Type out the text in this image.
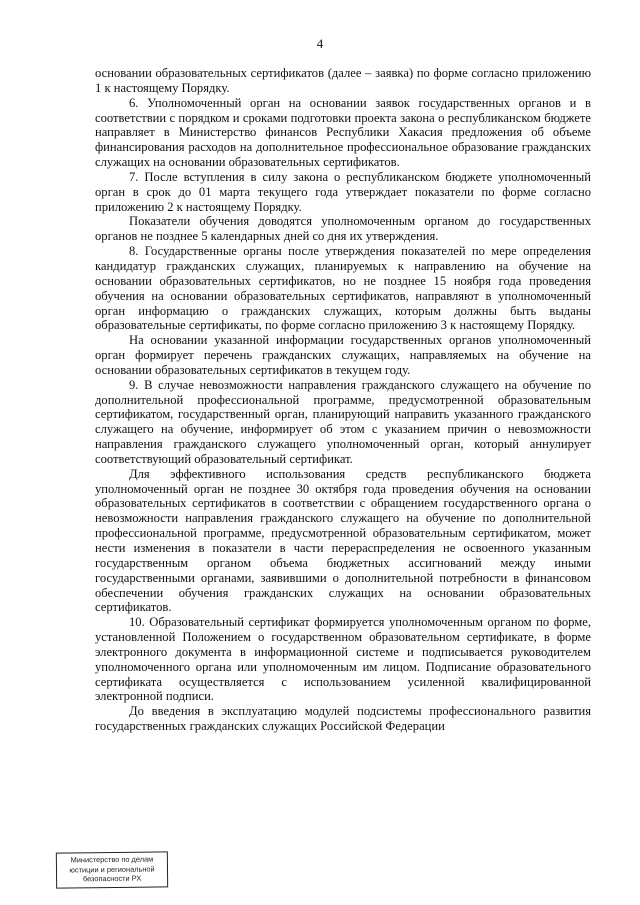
4

основании образовательных сертификатов (далее – заявка) по форме согласно приложению 1 к настоящему Порядку.

6. Уполномоченный орган на основании заявок государственных органов и в соответствии с порядком и сроками подготовки проекта закона о республиканском бюджете направляет в Министерство финансов Республики Хакасия предложения об объеме финансирования расходов на дополнительное профессиональное образование гражданских служащих на основании образовательных сертификатов.

7. После вступления в силу закона о республиканском бюджете уполномоченный орган в срок до 01 марта текущего года утверждает показатели по форме согласно приложению 2 к настоящему Порядку.

Показатели обучения доводятся уполномоченным органом до государственных органов не позднее 5 календарных дней со дня их утверждения.

8. Государственные органы после утверждения показателей по мере определения кандидатур гражданских служащих, планируемых к направлению на обучение на основании образовательных сертификатов, но не позднее 15 ноября года проведения обучения на основании образовательных сертификатов, направляют в уполномоченный орган информацию о гражданских служащих, которым должны быть выданы образовательные сертификаты, по форме согласно приложению 3 к настоящему Порядку.

На основании указанной информации государственных органов уполномоченный орган формирует перечень гражданских служащих, направляемых на обучение на основании образовательных сертификатов в текущем году.

9. В случае невозможности направления гражданского служащего на обучение по дополнительной профессиональной программе, предусмотренной образовательным сертификатом, государственный орган, планирующий направить указанного гражданского служащего на обучение, информирует об этом с указанием причин о невозможности направления гражданского служащего уполномоченный орган, который аннулирует соответствующий образовательный сертификат.

Для эффективного использования средств республиканского бюджета уполномоченный орган не позднее 30 октября года проведения обучения на основании образовательных сертификатов в соответствии с обращением государственного органа о невозможности направления гражданского служащего на обучение по дополнительной профессиональной программе, предусмотренной образовательным сертификатом, может нести изменения в показатели в части перераспределения не освоенного указанным государственным органом объема бюджетных ассигнований между иными государственными органами, заявившими о дополнительной потребности в финансовом обеспечении обучения гражданских служащих на основании образовательных сертификатов.

10. Образовательный сертификат формируется уполномоченным органом по форме, установленной Положением о государственном образовательном сертификате, в форме электронного документа в информационной системе и подписывается руководителем уполномоченного органа или уполномоченным им лицом. Подписание образовательного сертификата осуществляется с использованием усиленной квалифицированной электронной подписи.

До введения в эксплуатацию модулей подсистемы профессионального развития государственных гражданских служащих Российской Федерации

Министерство по делам
юстиции и региональной
безопасности РХ
